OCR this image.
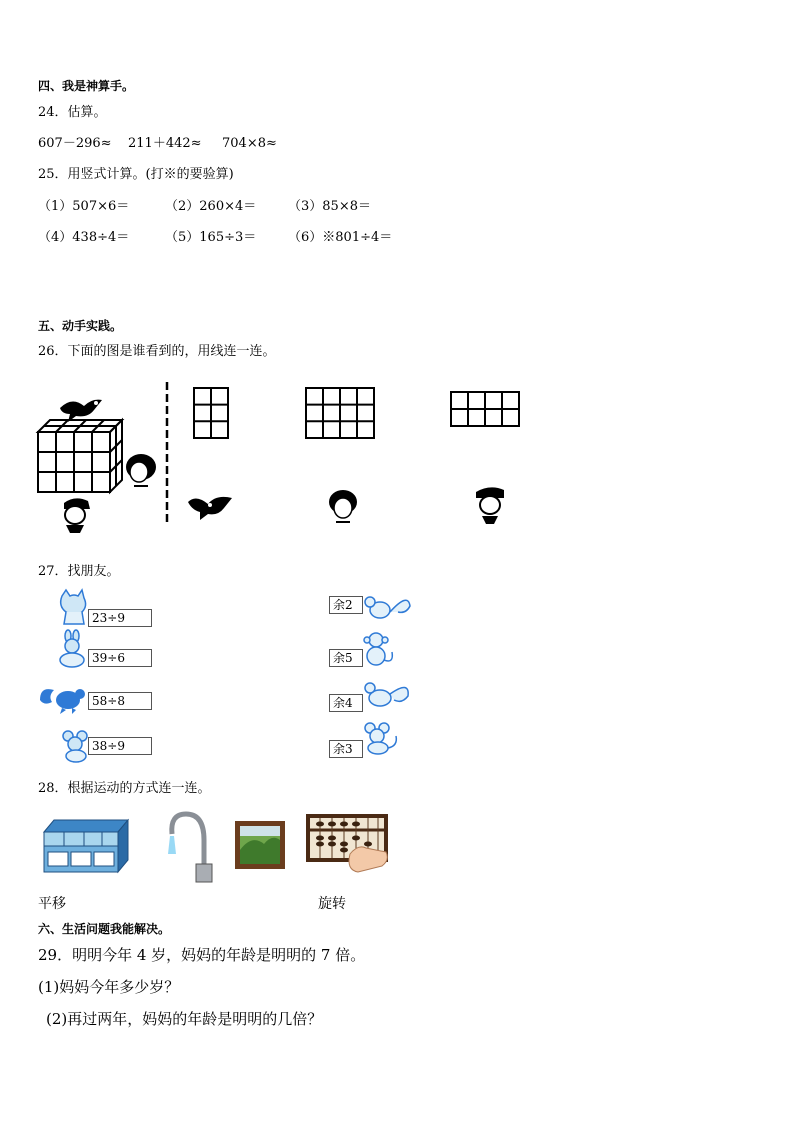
四、我是神算手。
24．估算。
607－296≈ 211＋442≈ 704×8≈
25．用竖式计算。(打※的要验算)
（1）507×6＝	（2）260×4＝ （3）85×8＝
（4）438÷4＝	（5）165÷3＝ （6）※801÷4＝
五、动手实践。
26．下面的图是谁看到的，用线连一连。
27．找朋友。
23÷9
39÷6
58÷8
38÷9
余2
余5
余4
余3
28．根据运动的方式连一连。
平移	旋转
六、生活问题我能解决。
29．明明今年 4 岁，妈妈的年龄是明明的 7 倍。
(1)妈妈今年多少岁？
(2)再过两年，妈妈的年龄是明明的几倍？
